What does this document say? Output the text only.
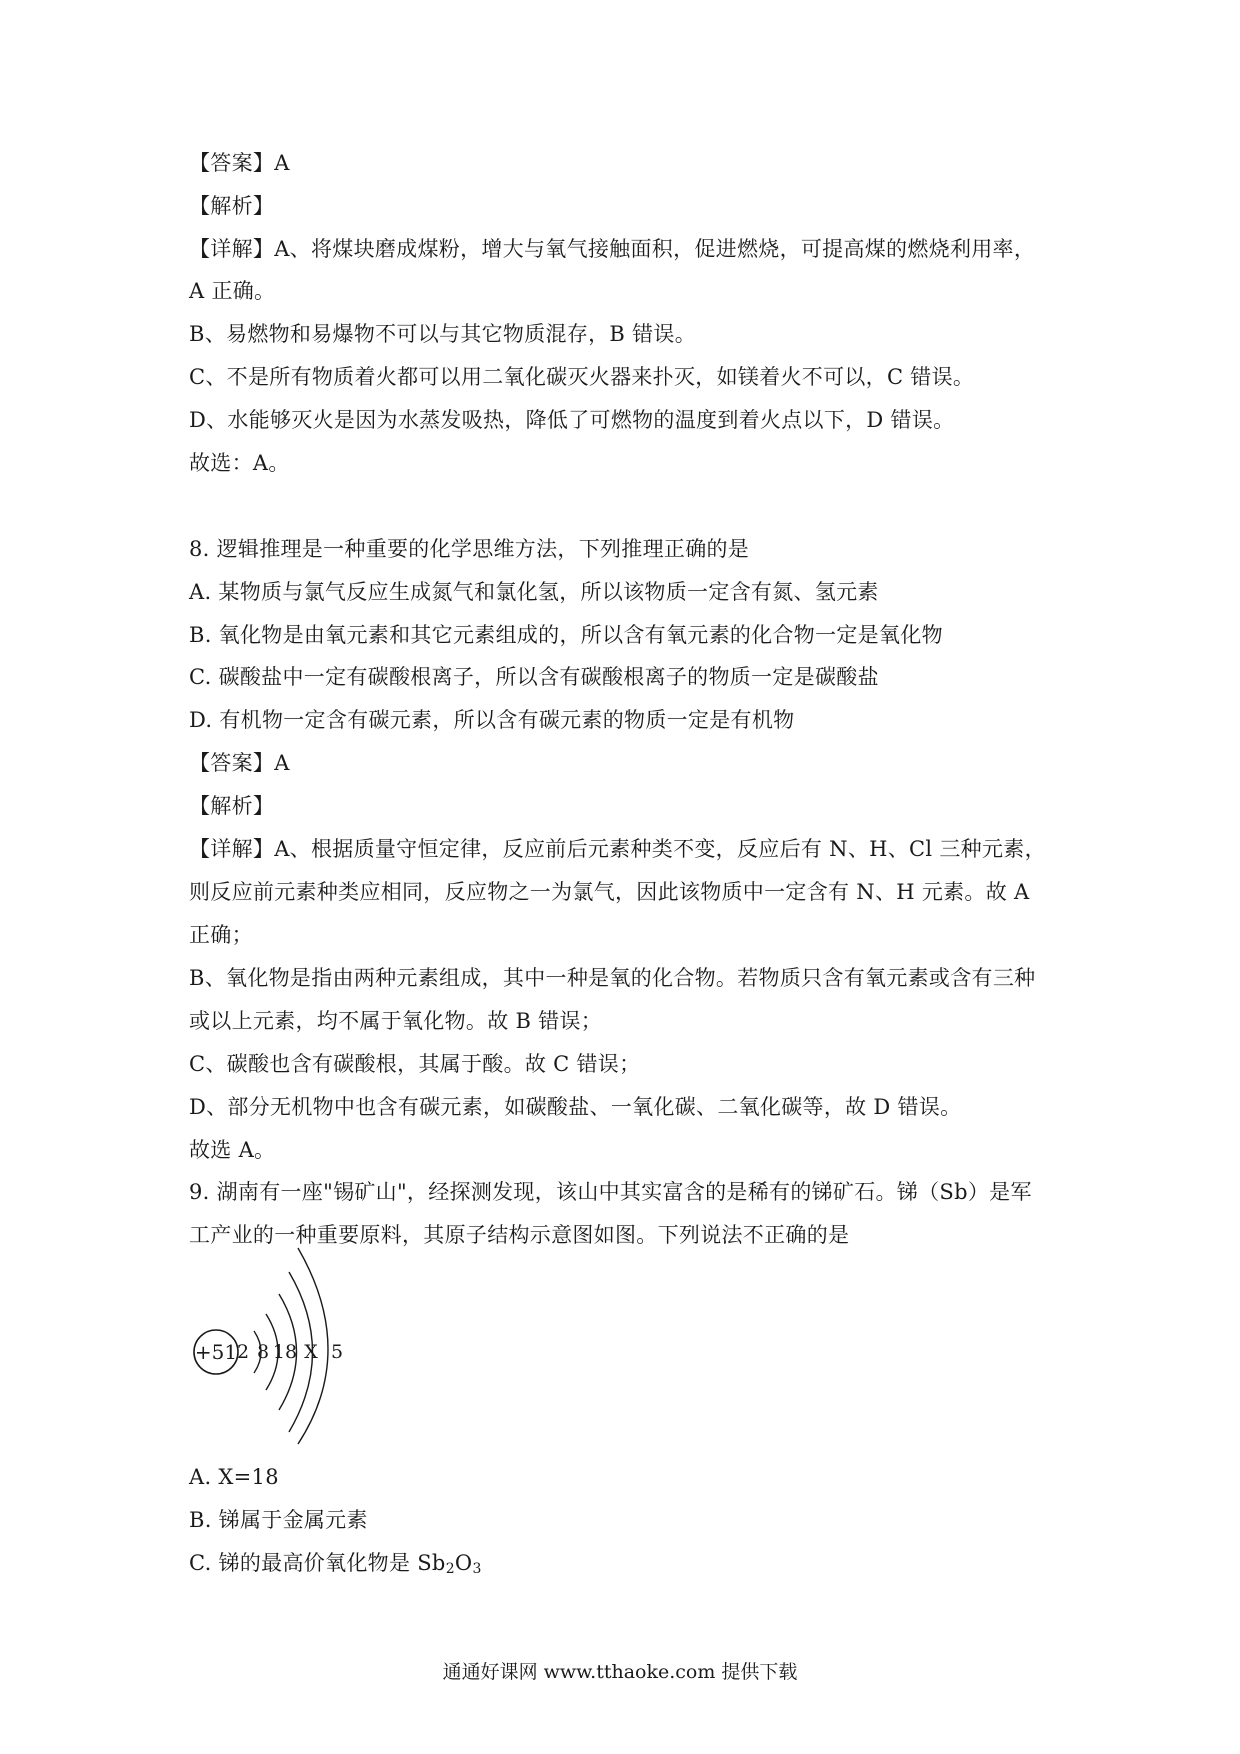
【答案】A
【解析】
【详解】A、将煤块磨成煤粉，增大与氧气接触面积，促进燃烧，可提高煤的燃烧利用率，
A 正确。
B、易燃物和易爆物不可以与其它物质混存，B 错误。
C、不是所有物质着火都可以用二氧化碳灭火器来扑灭，如镁着火不可以，C 错误。
D、水能够灭火是因为水蒸发吸热，降低了可燃物的温度到着火点以下，D 错误。
故选：A。
8. 逻辑推理是一种重要的化学思维方法，下列推理正确的是
A. 某物质与氯气反应生成氮气和氯化氢，所以该物质一定含有氮、氢元素
B. 氧化物是由氧元素和其它元素组成的，所以含有氧元素的化合物一定是氧化物
C. 碳酸盐中一定有碳酸根离子，所以含有碳酸根离子的物质一定是碳酸盐
D. 有机物一定含有碳元素，所以含有碳元素的物质一定是有机物
【答案】A
【解析】
【详解】A、根据质量守恒定律，反应前后元素种类不变，反应后有 N、H、Cl 三种元素，
则反应前元素种类应相同，反应物之一为氯气，因此该物质中一定含有 N、H 元素。故 A
正确；
B、氧化物是指由两种元素组成，其中一种是氧的化合物。若物质只含有氧元素或含有三种
或以上元素，均不属于氧化物。故 B 错误；
C、碳酸也含有碳酸根，其属于酸。故 C 错误；
D、部分无机物中也含有碳元素，如碳酸盐、一氧化碳、二氧化碳等，故 D 错误。
故选 A。
9. 湖南有一座"锡矿山"，经探测发现，该山中其实富含的是稀有的锑矿石。锑（Sb）是军
工产业的一种重要原料，其原子结构示意图如图。下列说法不正确的是
+51 2 8 18 X 5
A. X=18
B. 锑属于金属元素
C. 锑的最高价氧化物是 $Sb_2O_3$
通通好课网 www.tthaoke.com 提供下载
